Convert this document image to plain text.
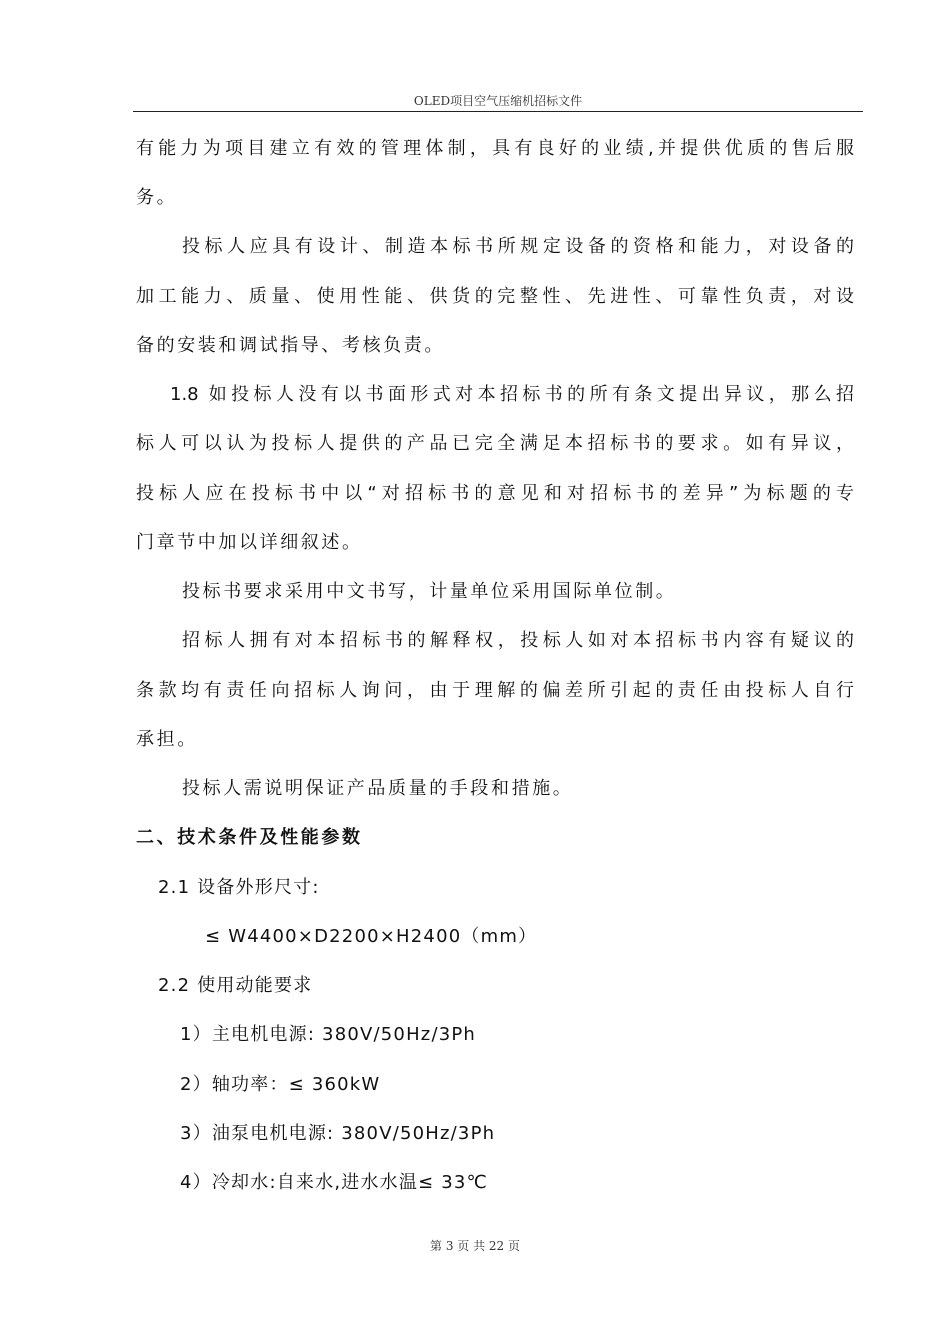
OLED项目空气压缩机招标文件
有能力为项目建立有效的管理体制，具有良好的业绩,并提供优质的售后服
务。
投标人应具有设计、制造本标书所规定设备的资格和能力，对设备的
加工能力、质量、使用性能、供货的完整性、先进性、可靠性负责，对设
备的安装和调试指导、考核负责。
1.8 如投标人没有以书面形式对本招标书的所有条文提出异议，那么招
标人可以认为投标人提供的产品已完全满足本招标书的要求。如有异议，
投标人应在投标书中以“对招标书的意见和对招标书的差异”为标题的专
门章节中加以详细叙述。
投标书要求采用中文书写，计量单位采用国际单位制。
招标人拥有对本招标书的解释权，投标人如对本招标书内容有疑议的
条款均有责任向招标人询问，由于理解的偏差所引起的责任由投标人自行
承担。
投标人需说明保证产品质量的手段和措施。
二、技术条件及性能参数
2.1 设备外形尺寸:
≤ W4400×D2200×H2400（mm）
2.2 使用动能要求
1）主电机电源: 380V/50Hz/3Ph
2）轴功率：≤ 360kW
3）油泵电机电源: 380V/50Hz/3Ph
4）冷却水:自来水,进水水温≤ 33℃
第 3 页 共 22 页
